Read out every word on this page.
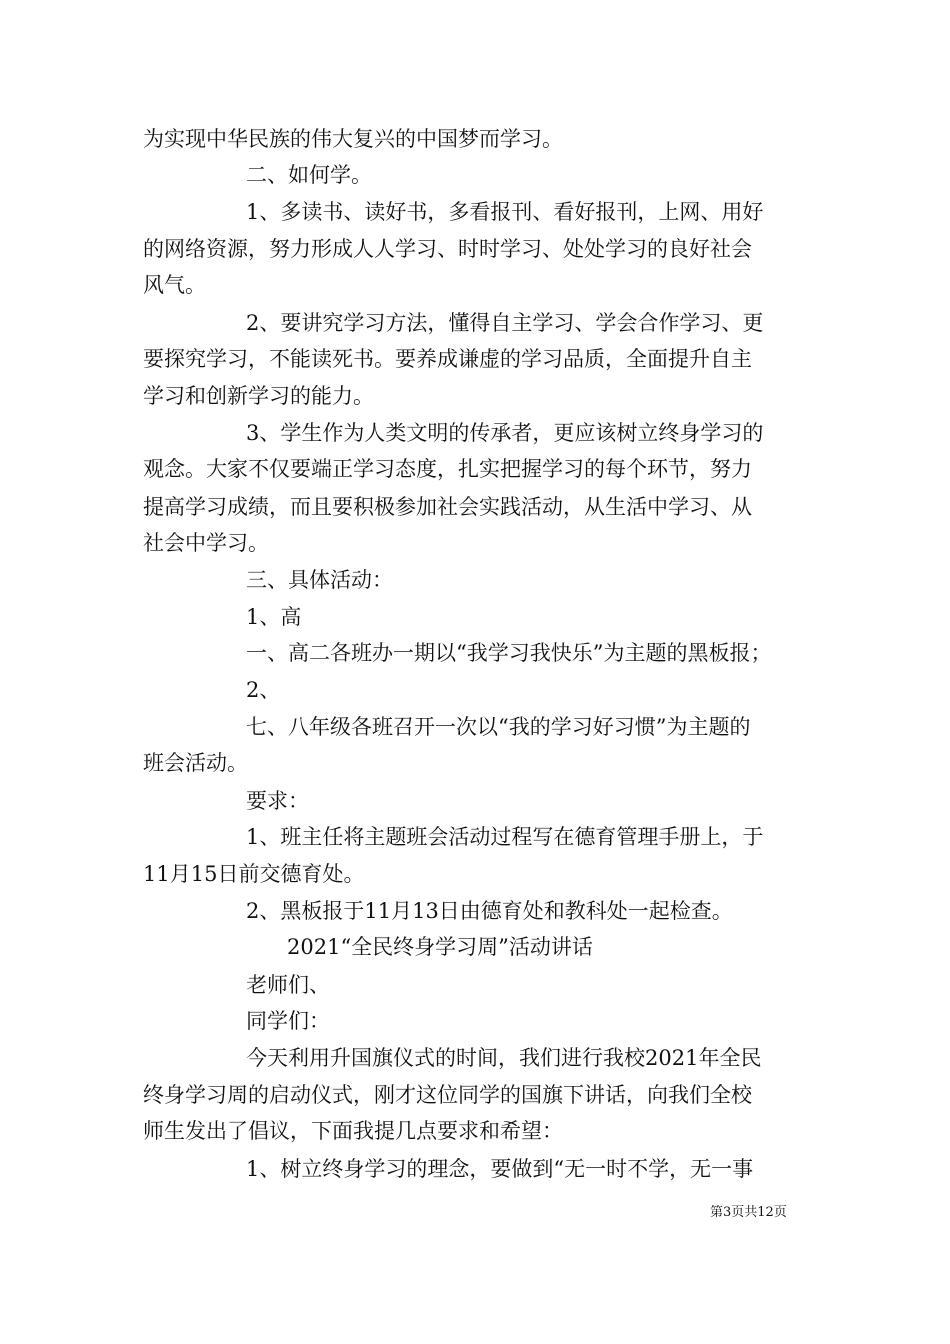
为实现中华民族的伟大复兴的中国梦而学习。
二、如何学。
1、多读书、读好书，多看报刊、看好报刊，上网、用好
的网络资源，努力形成人人学习、时时学习、处处学习的良好社会
风气。
2、要讲究学习方法，懂得自主学习、学会合作学习、更
要探究学习，不能读死书。要养成谦虚的学习品质，全面提升自主
学习和创新学习的能力。
3、学生作为人类文明的传承者，更应该树立终身学习的
观念。大家不仅要端正学习态度，扎实把握学习的每个环节，努力
提高学习成绩，而且要积极参加社会实践活动，从生活中学习、从
社会中学习。
三、具体活动：
1、高
一、高二各班办一期以“我学习我快乐”为主题的黑板报；
2、
七、八年级各班召开一次以“我的学习好习惯”为主题的
班会活动。
要求：
1、班主任将主题班会活动过程写在德育管理手册上，于
11月15日前交德育处。
2、黑板报于11月13日由德育处和教科处一起检查。
2021“全民终身学习周”活动讲话
老师们、
同学们：
今天利用升国旗仪式的时间，我们进行我校2021年全民
终身学习周的启动仪式，刚才这位同学的国旗下讲话，向我们全校
师生发出了倡议，下面我提几点要求和希望：
1、树立终身学习的理念，要做到“无一时不学，无一事
第3页共12页
